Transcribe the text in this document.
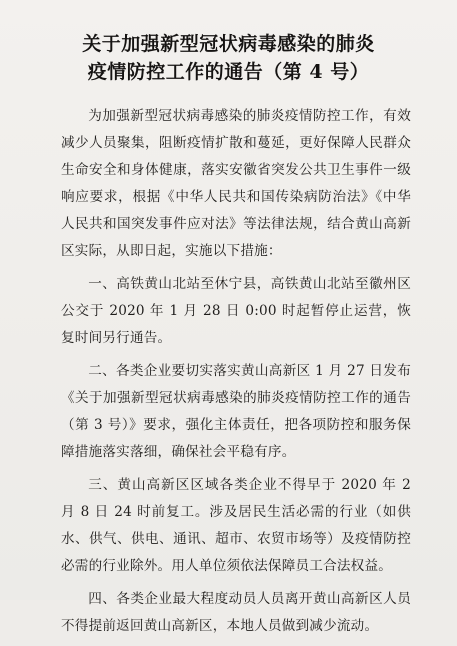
关于加强新型冠状病毒感染的肺炎
疫情防控工作的通告（第 4 号）

为加强新型冠状病毒感染的肺炎疫情防控工作，有效减少人员聚集，阻断疫情扩散和蔓延，更好保障人民群众生命安全和身体健康，落实安徽省突发公共卫生事件一级响应要求，根据《中华人民共和国传染病防治法》《中华人民共和国突发事件应对法》等法律法规，结合黄山高新区实际，从即日起，实施以下措施：

一、高铁黄山北站至休宁县，高铁黄山北站至徽州区公交于 2020 年 1 月 28 日 0:00 时起暂停止运营，恢复时间另行通告。

二、各类企业要切实落实黄山高新区 1 月 27 日发布《关于加强新型冠状病毒感染的肺炎疫情防控工作的通告（第 3 号）》要求，强化主体责任，把各项防控和服务保障措施落实落细，确保社会平稳有序。

三、黄山高新区区域各类企业不得早于 2020 年 2 月 8 日 24 时前复工。涉及居民生活必需的行业（如供水、供气、供电、通讯、超市、农贸市场等）及疫情防控必需的行业除外。用人单位须依法保障员工合法权益。

四、各类企业最大程度动员人员离开黄山高新区人员不得提前返回黄山高新区，本地人员做到减少流动。
